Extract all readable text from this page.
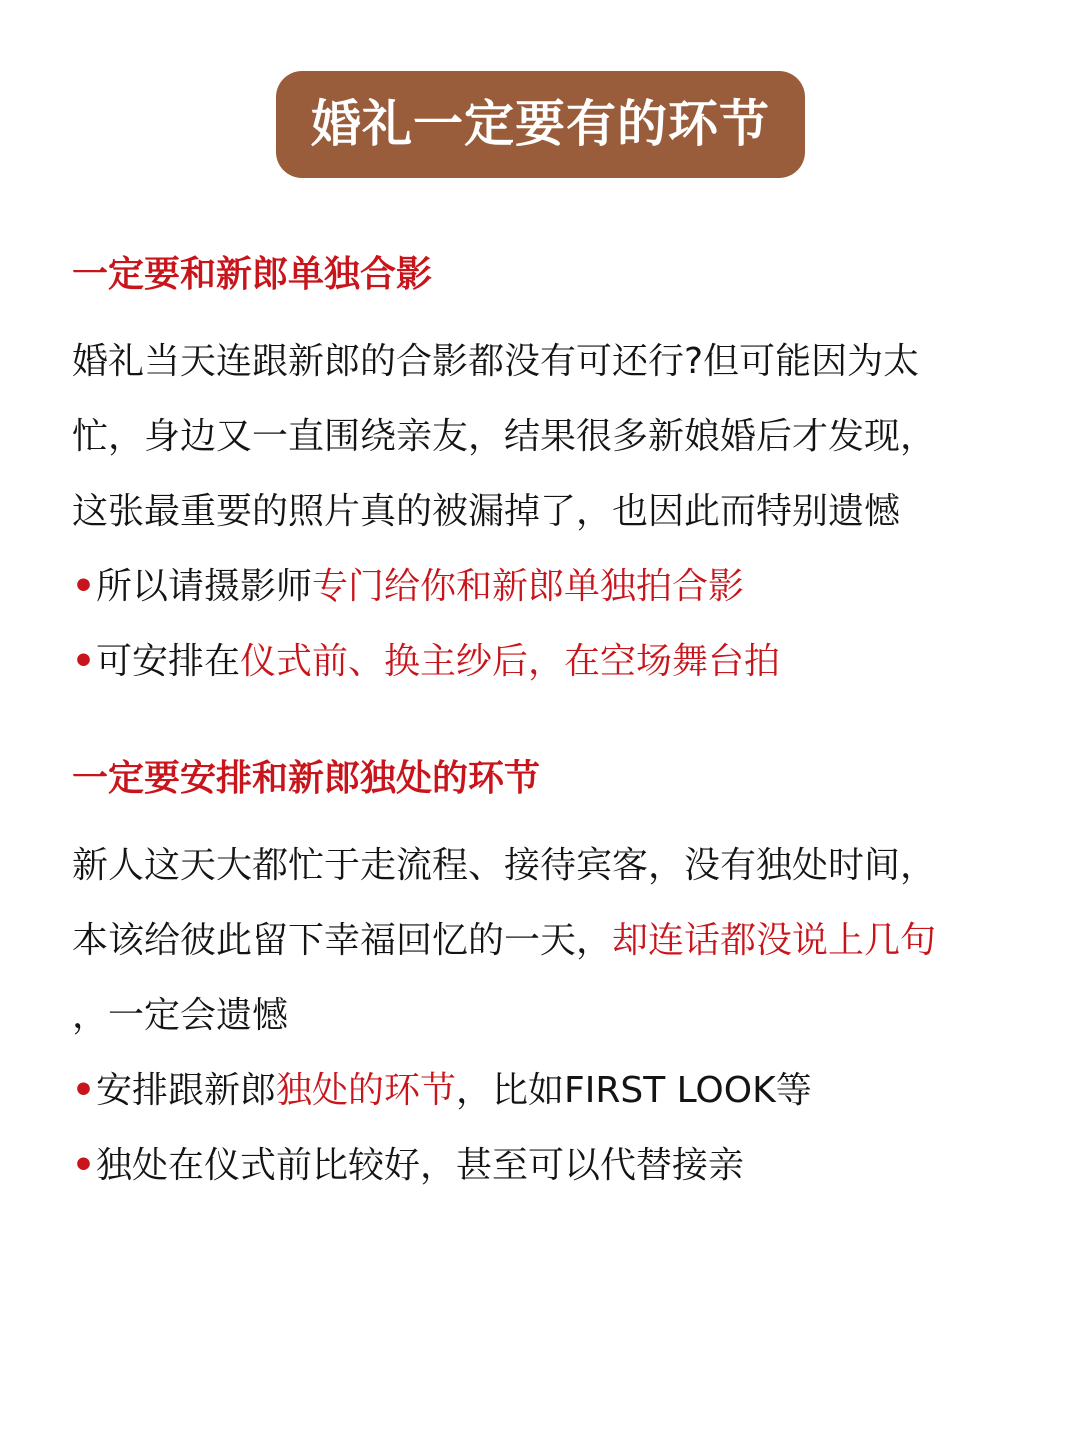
婚礼一定要有的环节
一定要和新郎单独合影
婚礼当天连跟新郎的合影都没有可还行?但可能因为太
忙，身边又一直围绕亲友，结果很多新娘婚后才发现，
这张最重要的照片真的被漏掉了，也因此而特别遗憾
•所以请摄影师专门给你和新郎单独拍合影
•可安排在仪式前、换主纱后，在空场舞台拍
一定要安排和新郎独处的环节
新人这天大都忙于走流程、接待宾客，没有独处时间，
本该给彼此留下幸福回忆的一天，却连话都没说上几句
，一定会遗憾
•安排跟新郎独处的环节，比如FIRST LOOK等
•独处在仪式前比较好，甚至可以代替接亲
